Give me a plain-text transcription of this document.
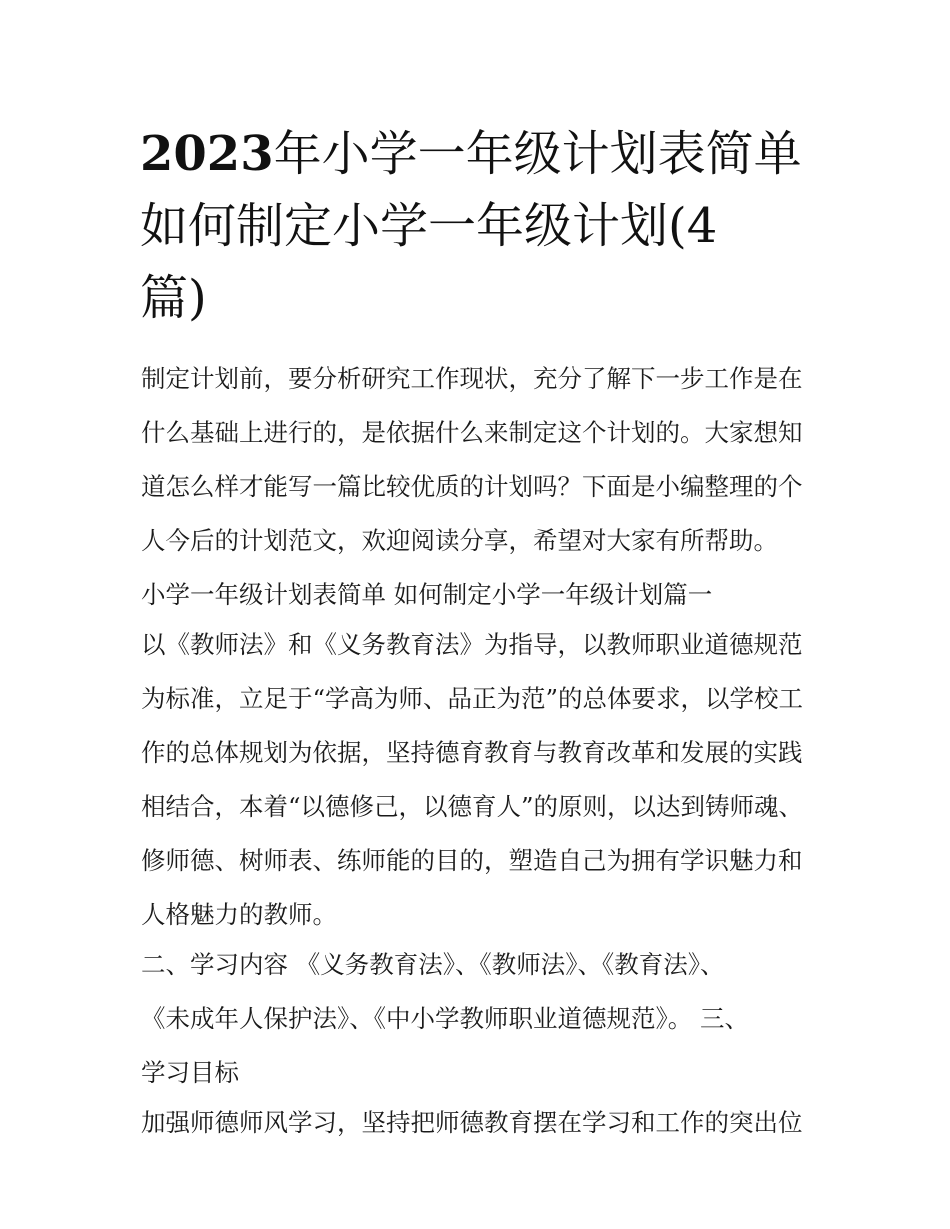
2023年小学一年级计划表简单
如何制定小学一年级计划(4
篇)
制定计划前，要分析研究工作现状，充分了解下一步工作是在
什么基础上进行的，是依据什么来制定这个计划的。大家想知
道怎么样才能写一篇比较优质的计划吗？下面是小编整理的个
人今后的计划范文，欢迎阅读分享，希望对大家有所帮助。
小学一年级计划表简单 如何制定小学一年级计划篇一
以《教师法》和《义务教育法》为指导，以教师职业道德规范
为标准，立足于“学高为师、品正为范”的总体要求，以学校工
作的总体规划为依据，坚持德育教育与教育改革和发展的实践
相结合，本着“以德修己，以德育人”的原则，以达到铸师魂、
修师德、树师表、练师能的目的，塑造自己为拥有学识魅力和
人格魅力的教师。
二、学习内容 《义务教育法》、《教师法》、《教育法》、
《未成年人保护法》、《中小学教师职业道德规范》。 三、
学习目标
加强师德师风学习，坚持把师德教育摆在学习和工作的突出位
